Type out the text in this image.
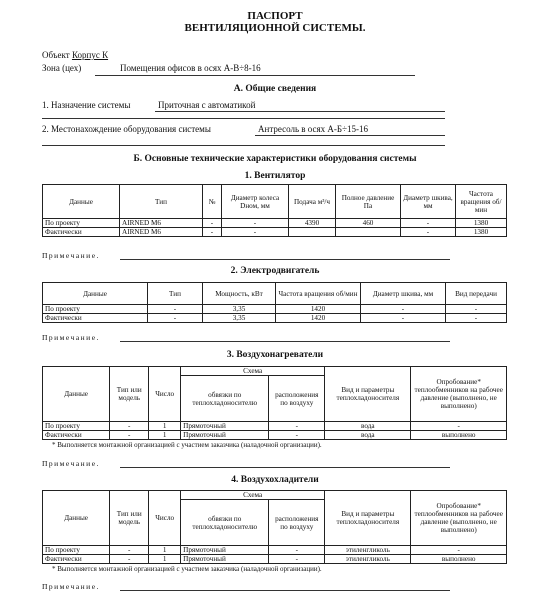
ПАСПОРТ
ВЕНТИЛЯЦИОННОЙ СИСТЕМЫ.
Объект Корпус К
Зона (цех)	Помещения офисов в осях А-В÷8-16
А. Общие сведения
1. Назначение системы	Приточная с автоматикой
2. Местонахождение оборудования системы	Антресоль в осях А-Б÷15-16
Б. Основные технические характеристики оборудования системы
1. Вентилятор
Данные	Тип	№	Диаметр колеса Dном, мм	Подача м³/ч	Полное давление Па	Диаметр шкива, мм	Частота вращения об/мин
По проекту	AIRNED M6	-	-	4390	460	-	1380
Фактически	AIRNED M6	-	-			-	1380
Примечание.
2. Электродвигатель
Данные	Тип	Мощность, кВт	Частота вращения об/мин	Диаметр шкива, мм	Вид передачи
По проекту	-	3,35	1420	-	-
Фактически	-	3,35	1420	-	-
Примечание.
3. Воздухонагреватели
Данные	Тип или модель	Число	Схема		Вид и параметры теплохладоносителя	Опробование* теплообменников на рабочее давление (выполнено, не выполнено)
			обвязки по теплохладоносителю	расположения по воздуху		
По проекту	-	1	Прямоточный	-	вода	-
Фактически	-	1	Прямоточный	-	вода	выполнено
* Выполняется монтажной организацией с участием заказчика (наладочной организации).
Примечание.
4. Воздухохладители
Данные	Тип или модель	Число	Схема		Вид и параметры теплохладоносителя	Опробование* теплообменников на рабочее давление (выполнено, не выполнено)
			обвязки по теплохладоносителю	расположения по воздуху		
По проекту	-	1	Прямоточный	-	этиленгликоль	-
Фактически	-	1	Прямоточный	-	этиленгликоль	выполнено
* Выполняется монтажной организацией с участием заказчика (наладочной организации).
Примечание.
